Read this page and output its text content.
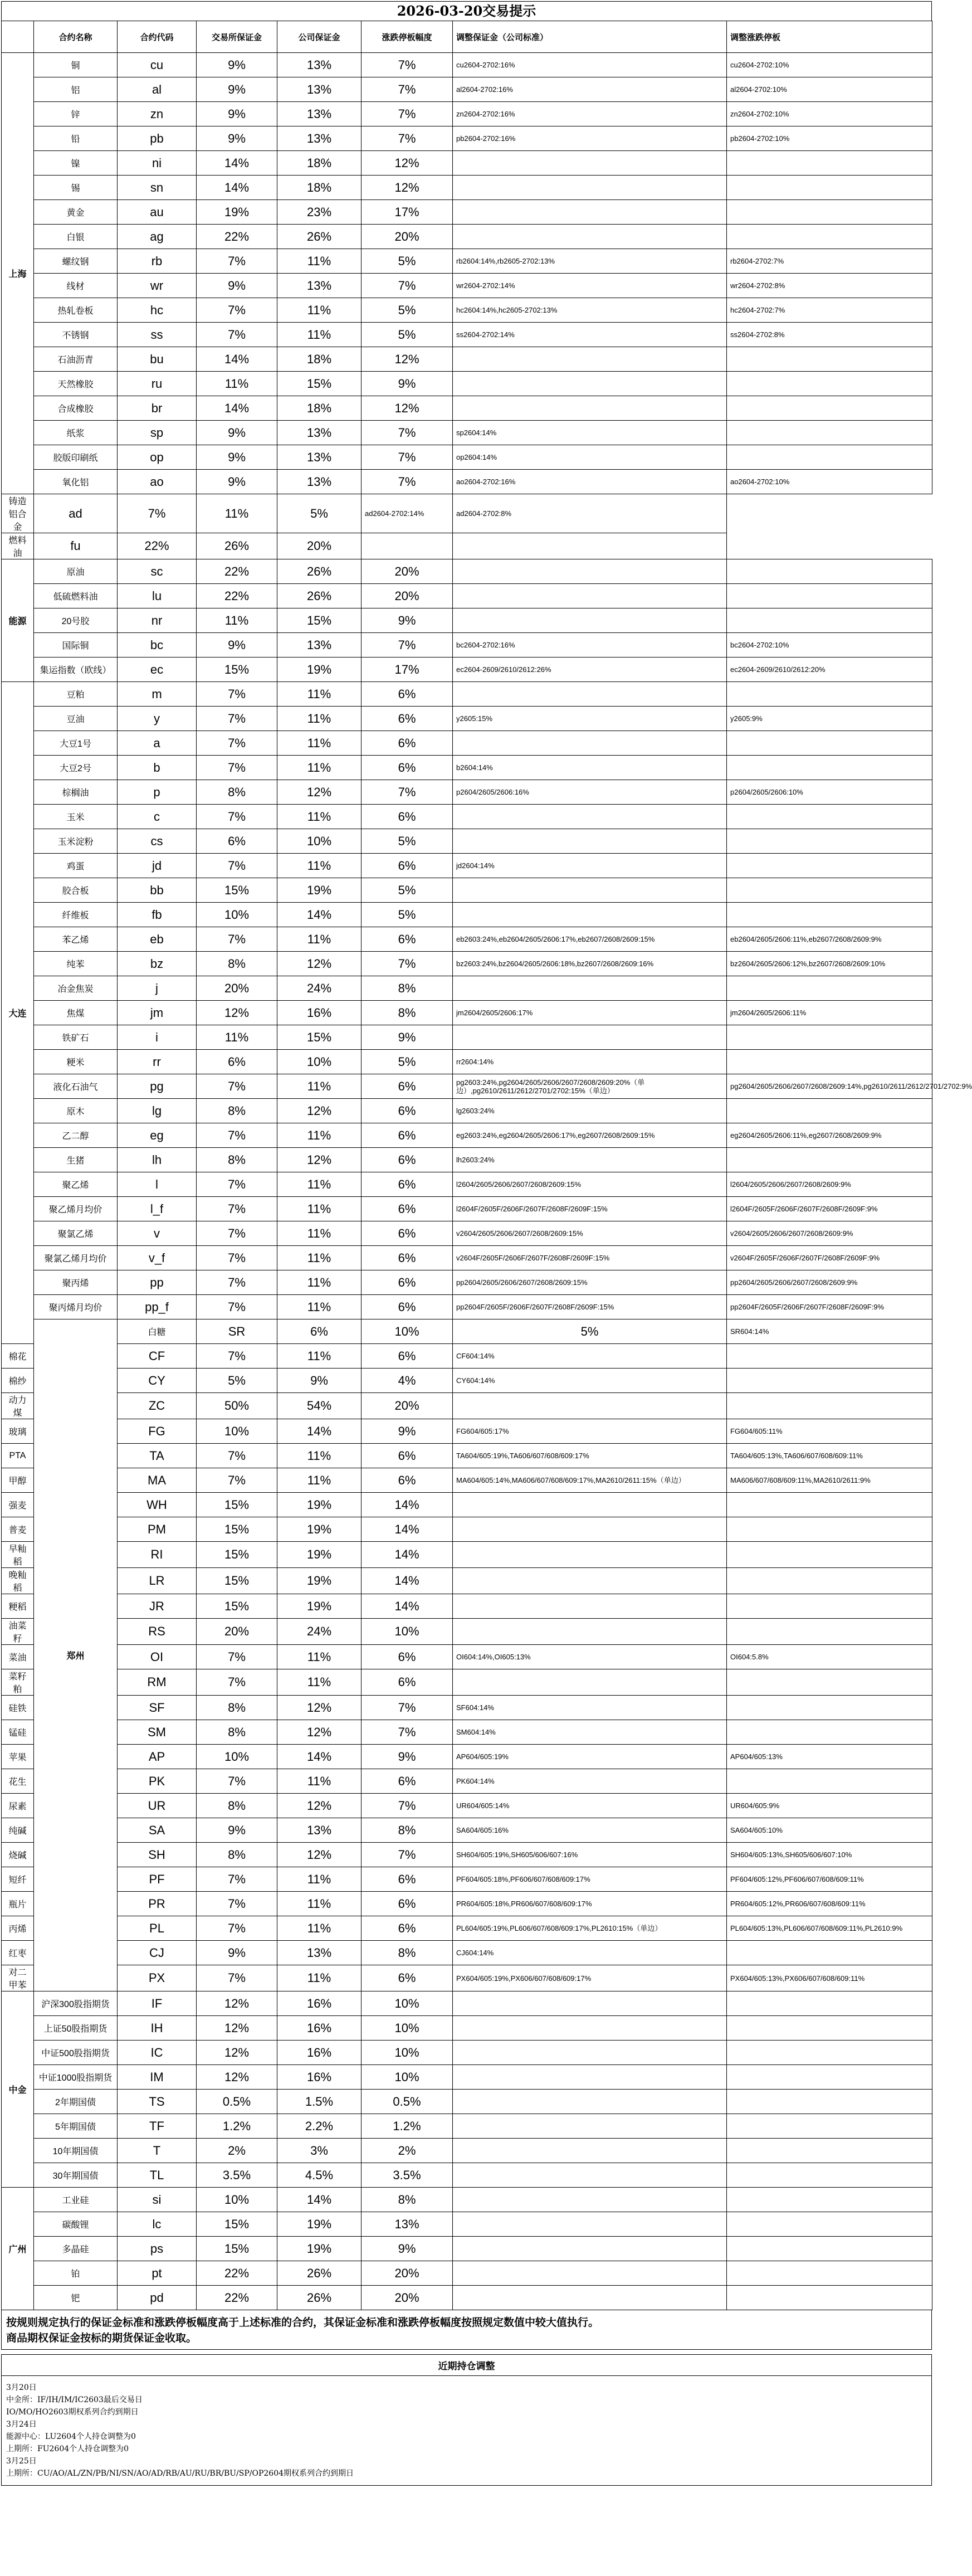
2026-03-20交易提示
	合约名称	合约代码	交易所保证金	公司保证金	涨跌停板幅度	调整保证金（公司标准）	调整涨跌停板	
上海	铜	cu	9%	13%	7%	cu2604-2702:16%	cu2604-2702:10%	
	铝	al	9%	13%	7%	al2604-2702:16%	al2604-2702:10%	
	锌	zn	9%	13%	7%	zn2604-2702:16%	zn2604-2702:10%	
	铅	pb	9%	13%	7%	pb2604-2702:16%	pb2604-2702:10%	
	镍	ni	14%	18%	12%			
	锡	sn	14%	18%	12%			
	黄金	au	19%	23%	17%			
	白银	ag	22%	26%	20%			
	螺纹钢	rb	7%	11%	5%	rb2604:14%,rb2605-2702:13%	rb2604-2702:7%	
	线材	wr	9%	13%	7%	wr2604-2702:14%	wr2604-2702:8%	
	热轧卷板	hc	7%	11%	5%	hc2604:14%,hc2605-2702:13%	hc2604-2702:7%	
	不锈钢	ss	7%	11%	5%	ss2604-2702:14%	ss2604-2702:8%	
	石油沥青	bu	14%	18%	12%			
	天然橡胶	ru	11%	15%	9%			
	合成橡胶	br	14%	18%	12%			
	纸浆	sp	9%	13%	7%	sp2604:14%		
	胶版印刷纸	op	9%	13%	7%	op2604:14%		
	氧化铝	ao	9%	13%	7%	ao2604-2702:16%	ao2604-2702:10%	
铸造铝合金	ad	7%	11%	5%	ad2604-2702:14%	ad2604-2702:8%		
燃料油	fu	22%	26%	20%				
能源	原油	sc	22%	26%	20%			
	低硫燃料油	lu	22%	26%	20%			
	20号胶	nr	11%	15%	9%			
	国际铜	bc	9%	13%	7%	bc2604-2702:16%	bc2604-2702:10%	
	集运指数（欧线）	ec	15%	19%	17%	ec2604-2609/2610/2612:26%	ec2604-2609/2610/2612:20%	
大连	豆粕	m	7%	11%	6%			
	豆油	y	7%	11%	6%	y2605:15%	y2605:9%	
	大豆1号	a	7%	11%	6%			
	大豆2号	b	7%	11%	6%	b2604:14%		
	棕榈油	p	8%	12%	7%	p2604/2605/2606:16%	p2604/2605/2606:10%	
	玉米	c	7%	11%	6%			
	玉米淀粉	cs	6%	10%	5%			
	鸡蛋	jd	7%	11%	6%	jd2604:14%		
	胶合板	bb	15%	19%	5%			
	纤维板	fb	10%	14%	5%			
	苯乙烯	eb	7%	11%	6%	eb2603:24%,eb2604/2605/2606:17%,eb2607/2608/2609:15%	eb2604/2605/2606:11%,eb2607/2608/2609:9%	
	纯苯	bz	8%	12%	7%	bz2603:24%,bz2604/2605/2606:18%,bz2607/2608/2609:16%	bz2604/2605/2606:12%,bz2607/2608/2609:10%	
	冶金焦炭	j	20%	24%	8%			
	焦煤	jm	12%	16%	8%	jm2604/2605/2606:17%	jm2604/2605/2606:11%	
	铁矿石	i	11%	15%	9%			
	粳米	rr	6%	10%	5%	rr2604:14%		
	液化石油气	pg	7%	11%	6%	pg2603:24%,pg2604/2605/2606/2607/2608/2609:20%（单边）,pg2610/2611/2612/2701/2702:15%（单边）	pg2604/2605/2606/2607/2608/2609:14%,pg2610/2611/2612/2701/2702:9%	
	原木	lg	8%	12%	6%	lg2603:24%		
	乙二醇	eg	7%	11%	6%	eg2603:24%,eg2604/2605/2606:17%,eg2607/2608/2609:15%	eg2604/2605/2606:11%,eg2607/2608/2609:9%	
	生猪	lh	8%	12%	6%	lh2603:24%		
	聚乙烯	l	7%	11%	6%	l2604/2605/2606/2607/2608/2609:15%	l2604/2605/2606/2607/2608/2609:9%	
	聚乙烯月均价	l_f	7%	11%	6%	l2604F/2605F/2606F/2607F/2608F/2609F:15%	l2604F/2605F/2606F/2607F/2608F/2609F:9%	
	聚氯乙烯	v	7%	11%	6%	v2604/2605/2606/2607/2608/2609:15%	v2604/2605/2606/2607/2608/2609:9%	
	聚氯乙烯月均价	v_f	7%	11%	6%	v2604F/2605F/2606F/2607F/2608F/2609F:15%	v2604F/2605F/2606F/2607F/2608F/2609F:9%	
	聚丙烯	pp	7%	11%	6%	pp2604/2605/2606/2607/2608/2609:15%	pp2604/2605/2606/2607/2608/2609:9%	
	聚丙烯月均价	pp_f	7%	11%	6%	pp2604F/2605F/2606F/2607F/2608F/2609F:15%	pp2604F/2605F/2606F/2607F/2608F/2609F:9%	
	郑州	白糖	SR	6%	10%	5%	SR604:14%	
棉花		CF	7%	11%	6%	CF604:14%		
棉纱		CY	5%	9%	4%	CY604:14%		
动力煤		ZC	50%	54%	20%			
玻璃		FG	10%	14%	9%	FG604/605:17%	FG604/605:11%	
PTA		TA	7%	11%	6%	TA604/605:19%,TA606/607/608/609:17%	TA604/605:13%,TA606/607/608/609:11%	
甲醇		MA	7%	11%	6%	MA604/605:14%,MA606/607/608/609:17%,MA2610/2611:15%（单边）	MA606/607/608/609:11%,MA2610/2611:9%	
强麦		WH	15%	19%	14%			
普麦		PM	15%	19%	14%			
早籼稻		RI	15%	19%	14%			
晚籼稻		LR	15%	19%	14%			
粳稻		JR	15%	19%	14%			
油菜籽		RS	20%	24%	10%			
菜油		OI	7%	11%	6%	OI604:14%,OI605:13%	OI604:5.8%	
菜籽粕		RM	7%	11%	6%			
硅铁		SF	8%	12%	7%	SF604:14%		
锰硅		SM	8%	12%	7%	SM604:14%		
苹果		AP	10%	14%	9%	AP604/605:19%	AP604/605:13%	
花生		PK	7%	11%	6%	PK604:14%		
尿素		UR	8%	12%	7%	UR604/605:14%	UR604/605:9%	
纯碱		SA	9%	13%	8%	SA604/605:16%	SA604/605:10%	
烧碱		SH	8%	12%	7%	SH604/605:19%,SH605/606/607:16%	SH604/605:13%,SH605/606/607:10%	
短纤		PF	7%	11%	6%	PF604/605:18%,PF606/607/608/609:17%	PF604/605:12%,PF606/607/608/609:11%	
瓶片		PR	7%	11%	6%	PR604/605:18%,PR606/607/608/609:17%	PR604/605:12%,PR606/607/608/609:11%	
丙烯		PL	7%	11%	6%	PL604/605:19%,PL606/607/608/609:17%,PL2610:15%（单边）	PL604/605:13%,PL606/607/608/609:11%,PL2610:9%	
红枣		CJ	9%	13%	8%	CJ604:14%		
对二甲苯		PX	7%	11%	6%	PX604/605:19%,PX606/607/608/609:17%	PX604/605:13%,PX606/607/608/609:11%	
中金	沪深300股指期货	IF	12%	16%	10%			
	上证50股指期货	IH	12%	16%	10%			
	中证500股指期货	IC	12%	16%	10%			
	中证1000股指期货	IM	12%	16%	10%			
	2年期国债	TS	0.5%	1.5%	0.5%			
	5年期国债	TF	1.2%	2.2%	1.2%			
	10年期国债	T	2%	3%	2%			
	30年期国债	TL	3.5%	4.5%	3.5%			
广州	工业硅	si	10%	14%	8%			
	碳酸锂	lc	15%	19%	13%			
	多晶硅	ps	15%	19%	9%			
	铂	pt	22%	26%	20%			
	钯	pd	22%	26%	20%			
按规则规定执行的保证金标准和涨跌停板幅度高于上述标准的合约，其保证金标准和涨跌停板幅度按照规定数值中较大值执行。
商品期权保证金按标的期货保证金收取。
近期持仓调整
3月20日
中金所：IF/IH/IM/IC2603最后交易日
IO/MO/HO2603期权系列合约到期日
3月24日
能源中心：LU2604个人持仓调整为0
上期所：FU2604个人持仓调整为0
3月25日
上期所：CU/AO/AL/ZN/PB/NI/SN/AO/AD/RB/AU/RU/BR/BU/SP/OP2604期权系列合约到期日
